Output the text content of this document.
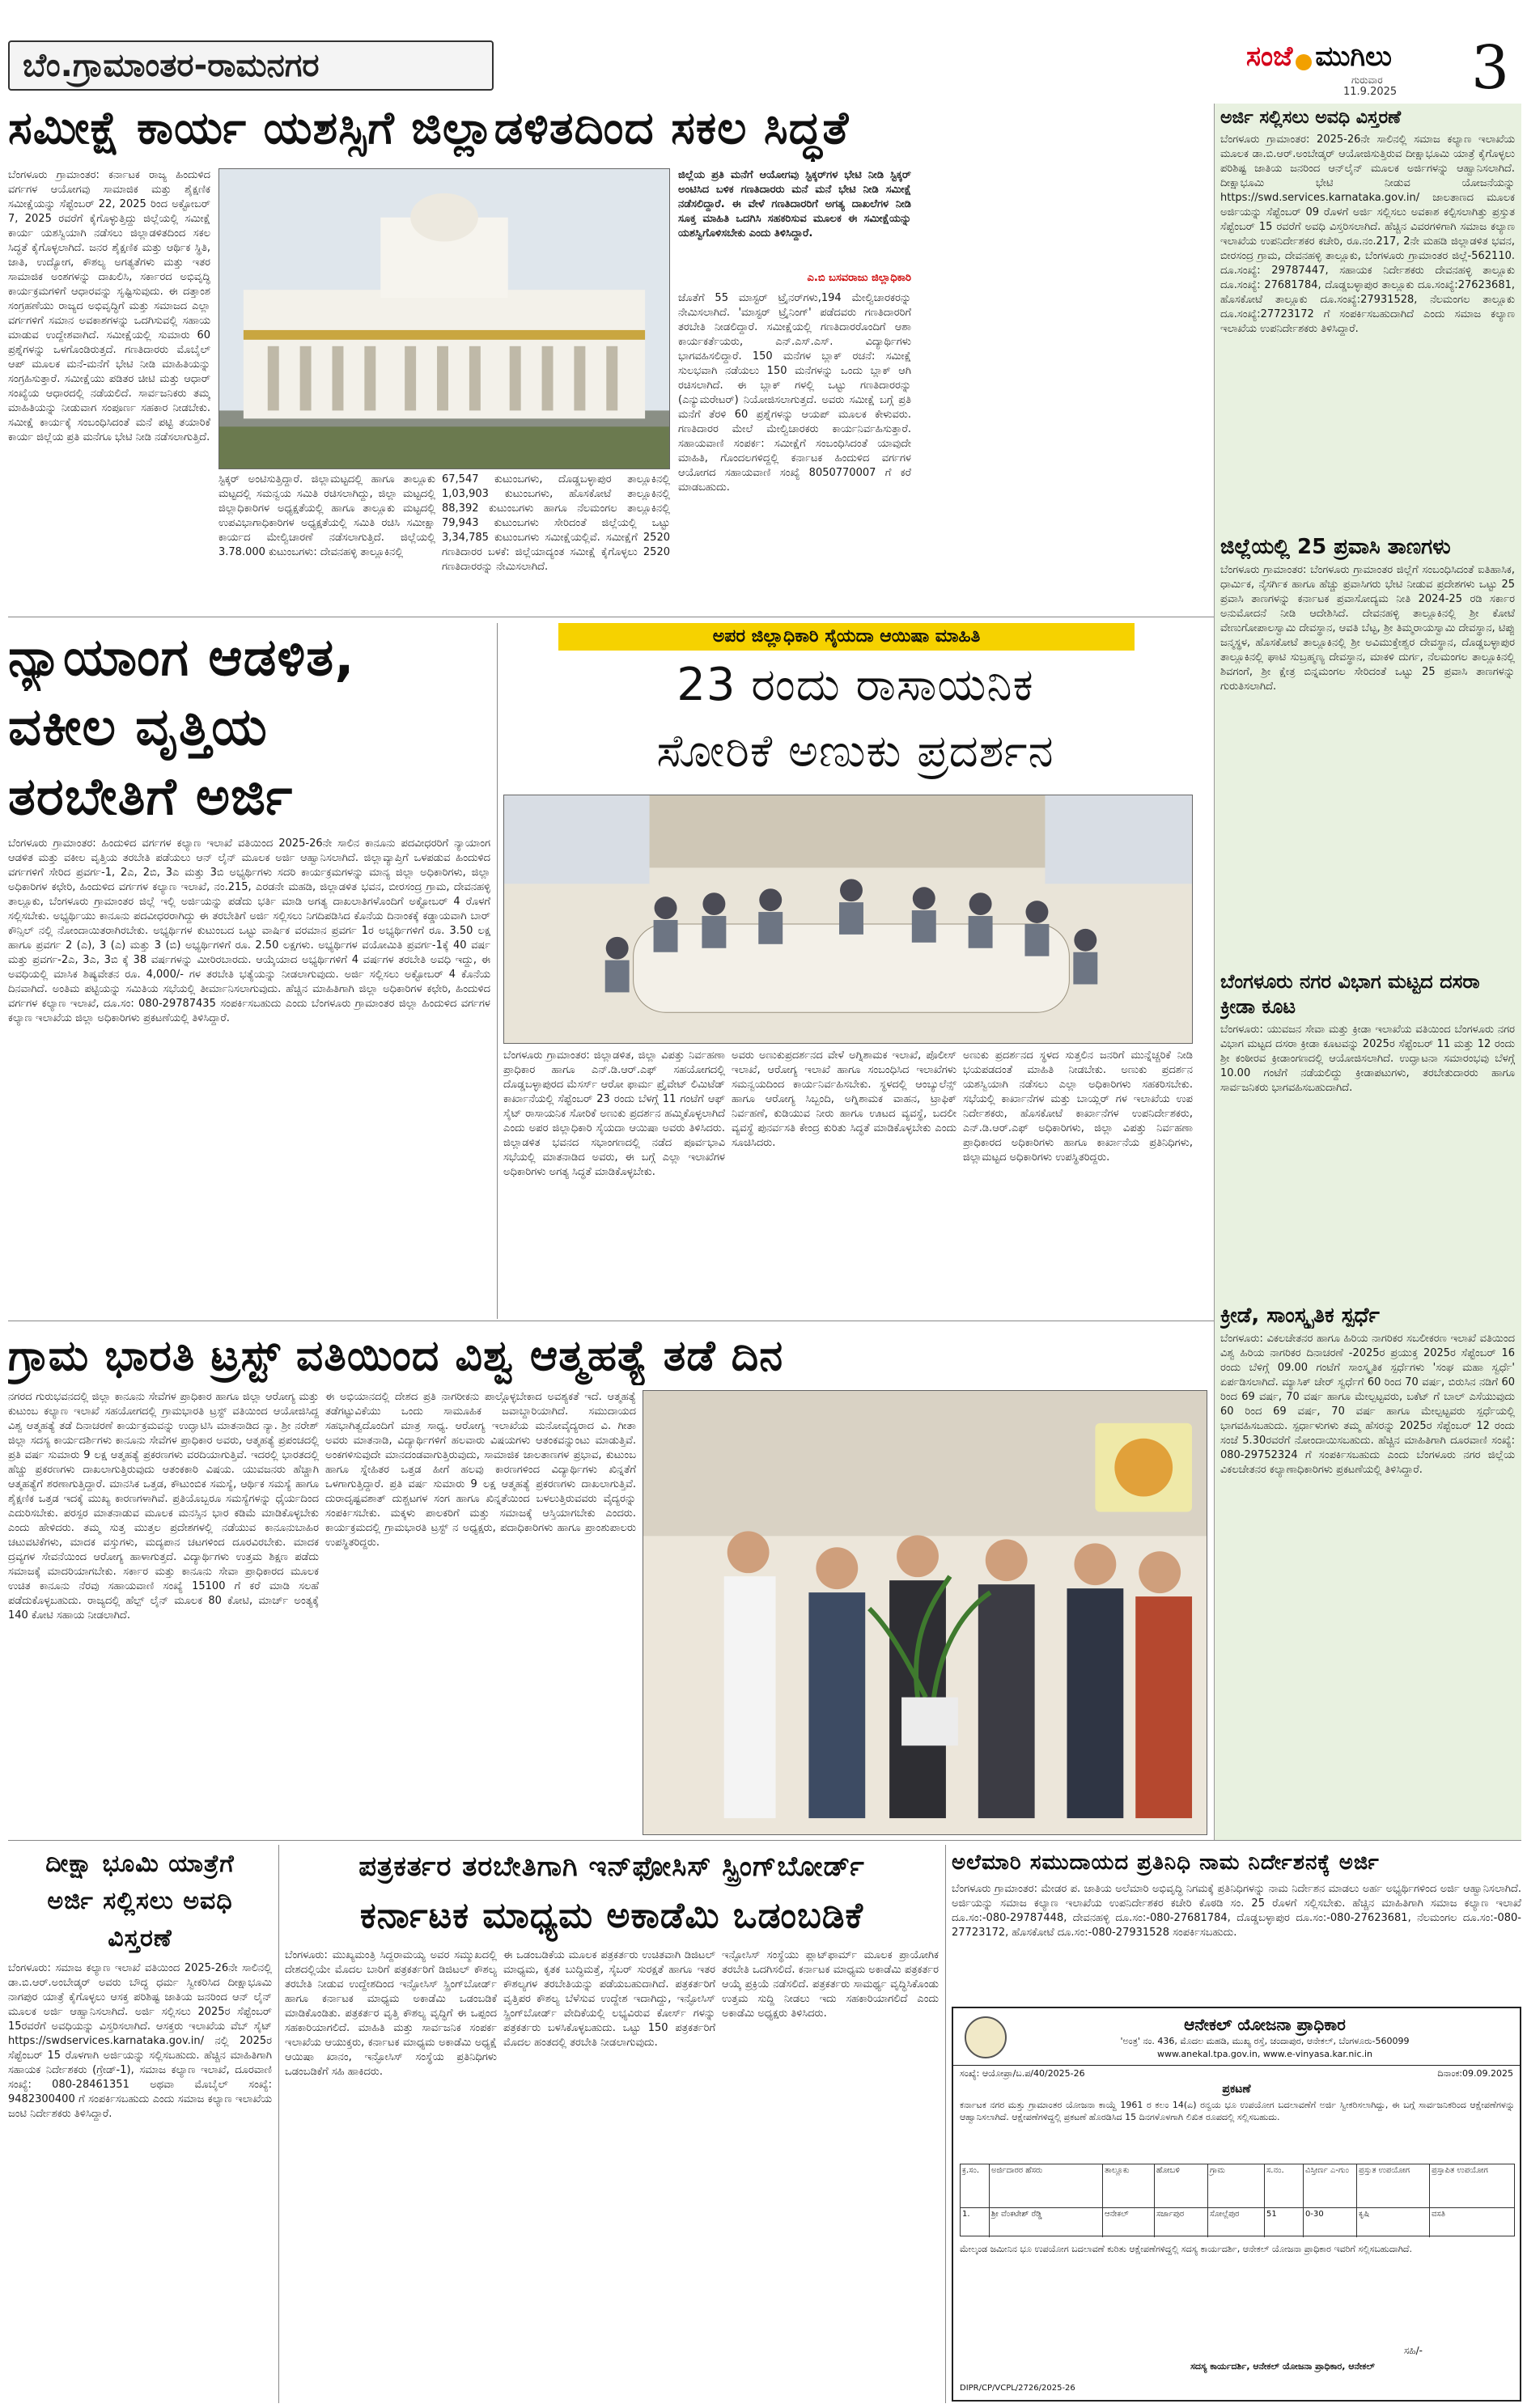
ಬೆಂ.ಗ್ರಾಮಾಂತರ-ರಾಮನಗರ	ಸಂಜೆ ಮುಗಿಲು
ಗುರುವಾರ
11.9.2025 3
ಸಮೀಕ್ಷೆ ಕಾರ್ಯ ಯಶಸ್ಸಿಗೆ ಜಿಲ್ಲಾಡಳಿತದಿಂದ ಸಕಲ ಸಿದ್ಧತೆ
ಬೆಂಗಳೂರು ಗ್ರಾಮಾಂತರ: ಕರ್ನಾಟಕ ರಾಜ್ಯ ಹಿಂದುಳಿದ ವರ್ಗಗಳ ಆಯೋಗವು ಸಾಮಾಜಿಕ ಮತ್ತು ಶೈಕ್ಷಣಿಕ ಸಮೀಕ್ಷೆಯನ್ನು ಸೆಪ್ಟೆಂಬರ್ 22, 2025 ರಿಂದ ಅಕ್ಟೋಬರ್ 7, 2025 ರವರೆಗೆ ಕೈಗೊಳ್ಳುತ್ತಿದ್ದು ಜಿಲ್ಲೆಯಲ್ಲಿ ಸಮೀಕ್ಷೆ ಕಾರ್ಯ ಯಶಸ್ವಿಯಾಗಿ ನಡೆಸಲು ಜಿಲ್ಲಾಡಳಿತದಿಂದ ಸಕಲ ಸಿದ್ಧತೆ ಕೈಗೊಳ್ಳಲಾಗಿದೆ. ಜನರ ಶೈಕ್ಷಣಿಕ ಮತ್ತು ಆರ್ಥಿಕ ಸ್ಥಿತಿ, ಜಾತಿ, ಉದ್ಯೋಗ, ಕೌಶಲ್ಯ ಅಗತ್ಯತೆಗಳು ಮತ್ತು ಇತರ ಸಾಮಾಜಿಕ ಅಂಶಗಳನ್ನು ದಾಖಲಿಸಿ, ಸರ್ಕಾರದ ಅಭಿವೃದ್ಧಿ ಕಾರ್ಯಕ್ರಮಗಳಿಗೆ ಆಧಾರವನ್ನು ಸೃಷ್ಟಿಸುವುದು. ಈ ದತ್ತಾಂಶ ಸಂಗ್ರಹಣೆಯು ರಾಜ್ಯದ ಅಭಿವೃದ್ಧಿಗೆ ಮತ್ತು ಸಮಾಜದ ಎಲ್ಲಾ ವರ್ಗಗಳಿಗೆ ಸಮಾನ ಅವಕಾಶಗಳನ್ನು ಒದಗಿಸುವಲ್ಲಿ ಸಹಾಯ ಮಾಡುವ ಉದ್ದೇಶವಾಗಿದೆ. ಸಮೀಕ್ಷೆಯಲ್ಲಿ ಸುಮಾರು 60 ಪ್ರಶ್ನೆಗಳನ್ನು ಒಳಗೊಂಡಿರುತ್ತದೆ. ಗಣತಿದಾರರು ಮೊಬೈಲ್ ಆಪ್ ಮೂಲಕ ಮನೆ-ಮನೆಗೆ ಭೇಟಿ ನೀಡಿ ಮಾಹಿತಿಯನ್ನು ಸಂಗ್ರಹಿಸುತ್ತಾರೆ. ಸಮೀಕ್ಷೆಯು ಪಡಿತರ ಚೀಟಿ ಮತ್ತು ಆಧಾರ್ ಸಂಖ್ಯೆಯ ಆಧಾರದಲ್ಲಿ ನಡೆಯಲಿದೆ. ಸಾರ್ವಜನಿಕರು ತಮ್ಮ ಮಾಹಿತಿಯನ್ನು ನೀಡುವಾಗ ಸಂಪೂರ್ಣ ಸಹಕಾರ ನೀಡಬೇಕು. ಸಮೀಕ್ಷೆ ಕಾರ್ಯಕ್ಕೆ ಸಂಬಂಧಿಸಿದಂತೆ ಮನೆ ಪಟ್ಟಿ ತಯಾರಿಕೆ ಕಾರ್ಯ ಜಿಲ್ಲೆಯ ಪ್ರತಿ ಮನೆಗೂ ಭೇಟಿ ನೀಡಿ ನಡೆಸಲಾಗುತ್ತಿದೆ.
ಸ್ಟಿಕ್ಕರ್ ಅಂಟಿಸುತ್ತಿದ್ದಾರೆ. ಜಿಲ್ಲಾಮಟ್ಟದಲ್ಲಿ ಹಾಗೂ ತಾಲ್ಲೂಕು ಮಟ್ಟದಲ್ಲಿ ಸಮನ್ವಯ ಸಮಿತಿ ರಚಿಸಲಾಗಿದ್ದು, ಜಿಲ್ಲಾ ಮಟ್ಟದಲ್ಲಿ ಜಿಲ್ಲಾಧಿಕಾರಿಗಳ ಅಧ್ಯಕ್ಷತೆಯಲ್ಲಿ ಹಾಗೂ ತಾಲ್ಲೂಕು ಮಟ್ಟದಲ್ಲಿ ಉಪವಿಭಾಗಾಧಿಕಾರಿಗಳ ಅಧ್ಯಕ್ಷತೆಯಲ್ಲಿ ಸಮಿತಿ ರಚಿಸಿ ಸಮೀಕ್ಷಾ ಕಾರ್ಯದ ಮೇಲ್ವಿಚಾರಣೆ ನಡೆಸಲಾಗುತ್ತಿದೆ. ಜಿಲ್ಲೆಯಲ್ಲಿ 3.78.000 ಕುಟುಂಬಗಳು: ದೇವನಹಳ್ಳಿ ತಾಲ್ಲೂಕಿನಲ್ಲಿ
67,547 ಕುಟುಂಬಗಳು, ದೊಡ್ಡಬಳ್ಳಾಪುರ ತಾಲ್ಲೂಕಿನಲ್ಲಿ 1,03,903 ಕುಟುಂಬಗಳು, ಹೊಸಕೋಟೆ ತಾಲ್ಲೂಕಿನಲ್ಲಿ 88,392 ಕುಟುಂಬಗಳು ಹಾಗೂ ನೆಲಮಂಗಲ ತಾಲ್ಲೂಕಿನಲ್ಲಿ 79,943 ಕುಟುಂಬಗಳು ಸೇರಿದಂತೆ ಜಿಲ್ಲೆಯಲ್ಲಿ ಒಟ್ಟು 3,34,785 ಕುಟುಂಬಗಳು ಸಮೀಕ್ಷೆಯಲ್ಲಿವೆ. ಸಮೀಕ್ಷೆಗೆ 2520 ಗಣತಿದಾರರ ಬಳಕೆ: ಜಿಲ್ಲೆಯಾದ್ಯಂತ ಸಮೀಕ್ಷೆ ಕೈಗೊಳ್ಳಲು 2520 ಗಣತಿದಾರರನ್ನು ನೇಮಿಸಲಾಗಿದೆ.
ಜಿಲ್ಲೆಯ ಪ್ರತಿ ಮನೆಗೆ ಆಯೋಗವು ಸ್ಟಿಕ್ಕರ್‌ಗಳ ಭೇಟಿ ನೀಡಿ ಸ್ಟಿಕ್ಕರ್ ಅಂಟಿಸಿದ ಬಳಿಕ ಗಣತಿದಾರರು ಮನೆ ಮನೆ ಭೇಟಿ ನೀಡಿ ಸಮೀಕ್ಷೆ ನಡೆಸಲಿದ್ದಾರೆ. ಈ ವೇಳೆ ಗಣತಿದಾರರಿಗೆ ಅಗತ್ಯ ದಾಖಲೆಗಳ ನೀಡಿ ಸೂಕ್ತ ಮಾಹಿತಿ ಒದಗಿಸಿ ಸಹಕರಿಸುವ ಮೂಲಕ ಈ ಸಮೀಕ್ಷೆಯನ್ನು ಯಶಸ್ವಿಗೊಳಿಸಬೇಕು ಎಂದು ತಿಳಿಸಿದ್ದಾರೆ.
ಎ.ಬಿ ಬಸವರಾಜು ಜಿಲ್ಲಾಧಿಕಾರಿ
ಜೊತೆಗೆ 55 ಮಾಸ್ಟರ್ ಟ್ರೈನರ್‌ಗಳು,194 ಮೇಲ್ವಿಚಾರಕರನ್ನು ನೇಮಿಸಲಾಗಿದೆ. 'ಮಾಸ್ಟರ್ ಟ್ರೈನಿಂಗ್' ಪಡೆದವರು ಗಣತಿದಾರರಿಗೆ ತರಬೇತಿ ನೀಡಲಿದ್ದಾರೆ. ಸಮೀಕ್ಷೆಯಲ್ಲಿ ಗಣತಿದಾರರೊಂದಿಗೆ ಆಶಾ ಕಾರ್ಯಕರ್ತೆಯರು, ಎನ್.ಎಸ್.ಎಸ್. ವಿದ್ಯಾರ್ಥಿಗಳು ಭಾಗವಹಿಸಲಿದ್ದಾರೆ. 150 ಮನೆಗಳ ಬ್ಲಾಕ್ ರಚನೆ: ಸಮೀಕ್ಷೆ ಸುಲಭವಾಗಿ ನಡೆಯಲು 150 ಮನೆಗಳನ್ನು ಒಂದು ಬ್ಲಾಕ್ ಆಗಿ ರಚಿಸಲಾಗಿದೆ. ಈ ಬ್ಲಾಕ್ ಗಳಲ್ಲಿ ಒಟ್ಟು ಗಣತಿದಾರರನ್ನು (ಎನ್ಯುಮರೇಟರ್) ನಿಯೋಜಿಸಲಾಗುತ್ತದೆ. ಅವರು ಸಮೀಕ್ಷೆ ಬಗ್ಗೆ ಪ್ರತಿ ಮನೆಗೆ ತೆರಳಿ 60 ಪ್ರಶ್ನೆಗಳನ್ನು ಆಯಪ್ ಮೂಲಕ ಕೇಳುವರು. ಗಣತಿದಾರರ ಮೇಲೆ ಮೇಲ್ವಿಚಾರಕರು ಕಾರ್ಯನಿರ್ವಹಿಸುತ್ತಾರೆ. ಸಹಾಯವಾಣಿ ಸಂಪರ್ಕ: ಸಮೀಕ್ಷೆಗೆ ಸಂಬಂಧಿಸಿದಂತೆ ಯಾವುದೇ ಮಾಹಿತಿ, ಗೊಂದಲಗಳಿದ್ದಲ್ಲಿ ಕರ್ನಾಟಕ ಹಿಂದುಳಿದ ವರ್ಗಗಳ ಆಯೋಗದ ಸಹಾಯವಾಣಿ ಸಂಖ್ಯೆ 8050770007 ಗೆ ಕರೆ ಮಾಡಬಹುದು.
ಅರ್ಜಿ ಸಲ್ಲಿಸಲು ಅವಧಿ ವಿಸ್ತರಣೆ
ಬೆಂಗಳೂರು ಗ್ರಾಮಾಂತರ: 2025-26ನೇ ಸಾಲಿನಲ್ಲಿ ಸಮಾಜ ಕಲ್ಯಾಣ ಇಲಾಖೆಯ ಮೂಲಕ ಡಾ.ಬಿ.ಆರ್.ಅಂಬೇಡ್ಕರ್ ಆಯೋಜಿಸುತ್ತಿರುವ ದೀಕ್ಷಾಭೂಮಿ ಯಾತ್ರೆ ಕೈಗೊಳ್ಳಲು ಪರಿಶಿಷ್ಟ ಜಾತಿಯ ಜನರಿಂದ ಆನ್‌ಲೈನ್ ಮೂಲಕ ಅರ್ಜಿಗಳನ್ನು ಆಹ್ವಾನಿಸಲಾಗಿದೆ. ದೀಕ್ಷಾಭೂಮಿ ಭೇಟಿ ನೀಡುವ ಯೋಜನೆಯನ್ನು https://swd.services.karnataka.gov.in/ ಜಾಲತಾಣದ ಮೂಲಕ ಅರ್ಜಿಯನ್ನು ಸೆಪ್ಟೆಂಬರ್ 09 ರೊಳಗೆ ಅರ್ಜಿ ಸಲ್ಲಿಸಲು ಅವಕಾಶ ಕಲ್ಪಿಸಲಾಗಿತ್ತು ಪ್ರಸ್ತುತ ಸೆಪ್ಟೆಂಬರ್ 15 ರವರೆಗೆ ಅವಧಿ ವಿಸ್ತರಿಸಲಾಗಿದೆ. ಹೆಚ್ಚಿನ ವಿವರಗಳಿಗಾಗಿ ಸಮಾಜ ಕಲ್ಯಾಣ ಇಲಾಖೆಯ ಉಪನಿರ್ದೇಶಕರ ಕಚೇರಿ, ರೂ.ನಂ.217, 2ನೇ ಮಹಡಿ ಜಿಲ್ಲಾಡಳಿತ ಭವನ, ಬೀರಸಂದ್ರ ಗ್ರಾಮ, ದೇವನಹಳ್ಳಿ ತಾಲ್ಲೂಕು, ಬೆಂಗಳೂರು ಗ್ರಾಮಾಂತರ ಜಿಲ್ಲೆ-562110. ದೂ.ಸಂಖ್ಯೆ: 29787447, ಸಹಾಯಕ ನಿರ್ದೇಶಕರು ದೇವನಹಳ್ಳಿ ತಾಲ್ಲೂಕು ದೂ.ಸಂಖ್ಯೆ: 27681784, ದೊಡ್ಡಬಳ್ಳಾಪುರ ತಾಲ್ಲೂಕು ದೂ.ಸಂಖ್ಯೆ:27623681, ಹೊಸಕೋಟೆ ತಾಲ್ಲೂಕು ದೂ.ಸಂಖ್ಯೆ:27931528, ನೆಲಮಂಗಲ ತಾಲ್ಲೂಕು ದೂ.ಸಂಖ್ಯೆ:27723172 ಗೆ ಸಂಪರ್ಕಿಸಬಹುದಾಗಿದೆ ಎಂದು ಸಮಾಜ ಕಲ್ಯಾಣ ಇಲಾಖೆಯ ಉಪನಿರ್ದೇಶಕರು ತಿಳಿಸಿದ್ದಾರೆ.
ಜಿಲ್ಲೆಯಲ್ಲಿ 25 ಪ್ರವಾಸಿ ತಾಣಗಳು
ಬೆಂಗಳೂರು ಗ್ರಾಮಾಂತರ: ಬೆಂಗಳೂರು ಗ್ರಾಮಾಂತರ ಜಿಲ್ಲೆಗೆ ಸಂಬಂಧಿಸಿದಂತೆ ಐತಿಹಾಸಿಕ, ಧಾರ್ಮಿಕ, ನೈಸರ್ಗಿಕ ಹಾಗೂ ಹೆಚ್ಚು ಪ್ರವಾಸಿಗರು ಭೇಟಿ ನೀಡುವ ಪ್ರದೇಶಗಳು ಒಟ್ಟು 25 ಪ್ರವಾಸಿ ತಾಣಗಳನ್ನು ಕರ್ನಾಟಕ ಪ್ರವಾಸೋದ್ಯಮ ನೀತಿ 2024-25 ರಡಿ ಸರ್ಕಾರ ಅನುಮೋದನೆ ನೀಡಿ ಆದೇಶಿಸಿದೆ. ದೇವನಹಳ್ಳಿ ತಾಲ್ಲೂಕಿನಲ್ಲಿ ಶ್ರೀ ಕೋಟೆ ವೇಣುಗೋಪಾಲಸ್ವಾಮಿ ದೇವಸ್ಥಾನ, ಆವತಿ ಬೆಟ್ಟ, ಶ್ರೀ ತಿಮ್ಮರಾಯಸ್ವಾಮಿ ದೇವಸ್ಥಾನ, ಟಿಪ್ಪು ಜನ್ಮಸ್ಥಳ, ಹೊಸಕೋಟೆ ತಾಲ್ಲೂಕಿನಲ್ಲಿ ಶ್ರೀ ಅವಿಮುಕ್ತೇಶ್ವರ ದೇವಸ್ಥಾನ, ದೊಡ್ಡಬಳ್ಳಾಪುರ ತಾಲ್ಲೂಕಿನಲ್ಲಿ ಘಾಟಿ ಸುಬ್ರಹ್ಮಣ್ಯ ದೇವಸ್ಥಾನ, ಮಾಕಳಿ ದುರ್ಗ, ನೆಲಮಂಗಲ ತಾಲ್ಲೂಕಿನಲ್ಲಿ ಶಿವಗಂಗೆ, ಶ್ರೀ ಕ್ಷೇತ್ರ ಬಿನ್ನಮಂಗಲ ಸೇರಿದಂತೆ ಒಟ್ಟು 25 ಪ್ರವಾಸಿ ತಾಣಗಳನ್ನು ಗುರುತಿಸಲಾಗಿದೆ.
ಬೆಂಗಳೂರು ನಗರ ವಿಭಾಗ ಮಟ್ಟದ ದಸರಾ ಕ್ರೀಡಾ ಕೂಟ
ಬೆಂಗಳೂರು: ಯುವಜನ ಸೇವಾ ಮತ್ತು ಕ್ರೀಡಾ ಇಲಾಖೆಯ ವತಿಯಿಂದ ಬೆಂಗಳೂರು ನಗರ ವಿಭಾಗ ಮಟ್ಟದ ದಸರಾ ಕ್ರೀಡಾ ಕೂಟವನ್ನು 2025ರ ಸೆಪ್ಟೆಂಬರ್ 11 ಮತ್ತು 12 ರಂದು ಶ್ರೀ ಕಂಠೀರವ ಕ್ರೀಡಾಂಗಣದಲ್ಲಿ ಆಯೋಜಿಸಲಾಗಿದೆ. ಉದ್ಘಾಟನಾ ಸಮಾರಂಭವು ಬೆಳಗ್ಗೆ 10.00 ಗಂಟೆಗೆ ನಡೆಯಲಿದ್ದು ಕ್ರೀಡಾಪಟುಗಳು, ತರಬೇತುದಾರರು ಹಾಗೂ ಸಾರ್ವಜನಿಕರು ಭಾಗವಹಿಸಬಹುದಾಗಿದೆ.
ಕ್ರೀಡೆ, ಸಾಂಸ್ಕೃತಿಕ ಸ್ಪರ್ಧೆ
ಬೆಂಗಳೂರು: ವಿಕಲಚೇತನರ ಹಾಗೂ ಹಿರಿಯ ನಾಗರಿಕರ ಸಬಲೀಕರಣ ಇಲಾಖೆ ವತಿಯಿಂದ ವಿಶ್ವ ಹಿರಿಯ ನಾಗರಿಕರ ದಿನಾಚರಣೆ -2025ರ ಪ್ರಯುಕ್ತ 2025ರ ಸೆಪ್ಟೆಂಬರ್ 16 ರಂದು ಬೆಳಿಗ್ಗೆ 09.00 ಗಂಟೆಗೆ ಸಾಂಸ್ಕೃತಿಕ ಸ್ಪರ್ಧೆಗಳು 'ಸಂಘ ಮಹಾ ಸ್ವರ್ಧೆ' ಏರ್ಪಡಿಸಲಾಗಿದೆ. ಮ್ಯಾಸಿಕ್ ಚೇರ್ ಸ್ವರ್ಧೆಗೆ 60 ರಿಂದ 70 ವರ್ಷ, ಬಿರುಸಿನ ನಡಿಗೆ 60 ರಿಂದ 69 ವರ್ಷ, 70 ವರ್ಷ ಹಾಗೂ ಮೇಲ್ಪಟ್ಟವರು, ಬಕೆಟ್ ಗೆ ಬಾಲ್ ಎಸೆಯುವುದು 60 ರಿಂದ 69 ವರ್ಷ, 70 ವರ್ಷ ಹಾಗೂ ಮೇಲ್ಪಟ್ಟವರು ಸ್ಪರ್ಧೆಯಲ್ಲಿ ಭಾಗವಹಿಸಬಹುದು. ಸ್ಪರ್ಧಾಳುಗಳು ತಮ್ಮ ಹೆಸರನ್ನು 2025ರ ಸೆಪ್ಟೆಂಬರ್ 12 ರಂದು ಸಂಜೆ 5.30ರವರೆಗೆ ನೋಂದಾಯಿಸಬಹುದು. ಹೆಚ್ಚಿನ ಮಾಹಿತಿಗಾಗಿ ದೂರವಾಣಿ ಸಂಖ್ಯೆ: 080-29752324 ಗೆ ಸಂಪರ್ಕಿಸಬಹುದು ಎಂದು ಬೆಂಗಳೂರು ನಗರ ಜಿಲ್ಲೆಯ ವಿಕಲಚೇತನರ ಕಲ್ಯಾಣಾಧಿಕಾರಿಗಳು ಪ್ರಕಟಣೆಯಲ್ಲಿ ತಿಳಿಸಿದ್ದಾರೆ.
ನ್ಯಾಯಾಂಗ ಆಡಳಿತ,
ವಕೀಲ ವೃತ್ತಿಯ
ತರಬೇತಿಗೆ ಅರ್ಜಿ
ಬೆಂಗಳೂರು ಗ್ರಾಮಾಂತರ: ಹಿಂದುಳಿದ ವರ್ಗಗಳ ಕಲ್ಯಾಣ ಇಲಾಖೆ ವತಿಯಿಂದ 2025-26ನೇ ಸಾಲಿನ ಕಾನೂನು ಪದವೀಧರರಿಗೆ ನ್ಯಾಯಾಂಗ ಆಡಳಿತ ಮತ್ತು ವಕೀಲ ವೃತ್ತಿಯ ತರಬೇತಿ ಪಡೆಯಲು ಆನ್ ಲೈನ್ ಮೂಲಕ ಅರ್ಜಿ ಆಹ್ವಾನಿಸಲಾಗಿದೆ. ಜಿಲ್ಲಾವ್ಯಾಪ್ತಿಗೆ ಒಳಪಡುವ ಹಿಂದುಳಿದ ವರ್ಗಗಳಿಗೆ ಸೇರಿದ ಪ್ರವರ್ಗ-1, 2ಎ, 2ಬಿ, 3ಎ ಮತ್ತು 3ಬಿ ಅಭ್ಯರ್ಥಿಗಳು ಸದರಿ ಕಾರ್ಯಕ್ರಮಗಳನ್ನು ಮಾನ್ಯ ಜಿಲ್ಲಾ ಅಧಿಕಾರಿಗಳು, ಜಿಲ್ಲಾ ಅಧಿಕಾರಿಗಳ ಕಛೇರಿ, ಹಿಂದುಳಿದ ವರ್ಗಗಳ ಕಲ್ಯಾಣ ಇಲಾಖೆ, ನಂ.215, ಎರಡನೇ ಮಹಡಿ, ಜಿಲ್ಲಾಡಳಿತ ಭವನ, ಬೀರಸಂದ್ರ ಗ್ರಾಮ, ದೇವನಹಳ್ಳಿ ತಾಲ್ಲೂಕು, ಬೆಂಗಳೂರು ಗ್ರಾಮಾಂತರ ಜಿಲ್ಲೆ ಇಲ್ಲಿ ಅರ್ಜಿಯನ್ನು ಪಡೆದು ಭರ್ತಿ ಮಾಡಿ ಅಗತ್ಯ ದಾಖಲಾತಿಗಳೊಂದಿಗೆ ಅಕ್ಟೋಬರ್ 4 ರೊಳಗೆ ಸಲ್ಲಿಸಬೇಕು. ಅಭ್ಯರ್ಥಿಯು ಕಾನೂನು ಪದವೀಧರರಾಗಿದ್ದು ಈ ತರಬೇತಿಗೆ ಅರ್ಜಿ ಸಲ್ಲಿಸಲು ನಿಗದಿಪಡಿಸಿದ ಕೊನೆಯ ದಿನಾಂಕಕ್ಕೆ ಕಡ್ಡಾಯವಾಗಿ ಬಾರ್ ಕೌನ್ಸಿಲ್ ನಲ್ಲಿ ನೋಂದಾಯಿತರಾಗಿರಬೇಕು. ಅಭ್ಯರ್ಥಿಗಳ ಕುಟುಂಬದ ಒಟ್ಟು ವಾರ್ಷಿಕ ವರಮಾನ ಪ್ರವರ್ಗ 1ರ ಅಭ್ಯರ್ಥಿಗಳಿಗೆ ರೂ. 3.50 ಲಕ್ಷ ಹಾಗೂ ಪ್ರವರ್ಗ 2 (ಎ), 3 (ಎ) ಮತ್ತು 3 (ಬಿ) ಅಭ್ಯರ್ಥಿಗಳಿಗೆ ರೂ. 2.50 ಲಕ್ಷಗಳು. ಅಭ್ಯರ್ಥಿಗಳ ವಯೋಮಿತಿ ಪ್ರವರ್ಗ-1ಕ್ಕೆ 40 ವರ್ಷ ಮತ್ತು ಪ್ರವರ್ಗ-2ಎ, 3ಎ, 3ಬಿ ಕ್ಕೆ 38 ವರ್ಷಗಳನ್ನು ಮೀರಿರಬಾರದು. ಆಯ್ಕೆಯಾದ ಅಭ್ಯರ್ಥಿಗಳಿಗೆ 4 ವರ್ಷಗಳ ತರಬೇತಿ ಅವಧಿ ಇದ್ದು, ಈ ಅವಧಿಯಲ್ಲಿ ಮಾಸಿಕ ಶಿಷ್ಯವೇತನ ರೂ. 4,000/- ಗಳ ತರಬೇತಿ ಭತ್ಯೆಯನ್ನು ನೀಡಲಾಗುವುದು. ಅರ್ಜಿ ಸಲ್ಲಿಸಲು ಅಕ್ಟೋಬರ್ 4 ಕೊನೆಯ ದಿನವಾಗಿದೆ. ಅಂತಿಮ ಪಟ್ಟಿಯನ್ನು ಸಮಿತಿಯ ಸಭೆಯಲ್ಲಿ ತೀರ್ಮಾನಿಸಲಾಗುವುದು. ಹೆಚ್ಚಿನ ಮಾಹಿತಿಗಾಗಿ ಜಿಲ್ಲಾ ಅಧಿಕಾರಿಗಳ ಕಛೇರಿ, ಹಿಂದುಳಿದ ವರ್ಗಗಳ ಕಲ್ಯಾಣ ಇಲಾಖೆ, ದೂ.ಸಂ: 080-29787435 ಸಂಪರ್ಕಿಸಬಹುದು ಎಂದು ಬೆಂಗಳೂರು ಗ್ರಾಮಾಂತರ ಜಿಲ್ಲಾ ಹಿಂದುಳಿದ ವರ್ಗಗಳ ಕಲ್ಯಾಣ ಇಲಾಖೆಯ ಜಿಲ್ಲಾ ಅಧಿಕಾರಿಗಳು ಪ್ರಕಟಣೆಯಲ್ಲಿ ತಿಳಿಸಿದ್ದಾರೆ.
ಅಪರ ಜಿಲ್ಲಾಧಿಕಾರಿ ಸೈಯದಾ ಆಯಿಷಾ ಮಾಹಿತಿ
23 ರಂದು ರಾಸಾಯನಿಕ
ಸೋರಿಕೆ ಅಣುಕು ಪ್ರದರ್ಶನ
ಬೆಂಗಳೂರು ಗ್ರಾಮಾಂತರ: ಜಿಲ್ಲಾಡಳಿತ, ಜಿಲ್ಲಾ ವಿಪತ್ತು ನಿರ್ವಹಣಾ ಪ್ರಾಧಿಕಾರ ಹಾಗೂ ಎನ್.ಡಿ.ಆರ್.ಎಫ್ ಸಹಯೋಗದಲ್ಲಿ ದೊಡ್ಡಬಳ್ಳಾಪುರದ ಮೆಸರ್ಸ್ ಆರೋ ಫಾರ್ಮ ಪ್ರೈವೇಟ್ ಲಿಮಿಟೆಡ್ ಕಾರ್ಖಾನೆಯಲ್ಲಿ ಸೆಪ್ಟೆಂಬರ್ 23 ರಂದು ಬೆಳಗ್ಗೆ 11 ಗಂಟೆಗೆ ಆಫ್ ಸೈಟ್ ರಾಸಾಯನಿಕ ಸೋರಿಕೆ ಅಣುಕು ಪ್ರದರ್ಶನ ಹಮ್ಮಿಕೊಳ್ಳಲಾಗಿದೆ ಎಂದು ಅಪರ ಜಿಲ್ಲಾಧಿಕಾರಿ ಸೈಯದಾ ಆಯಿಷಾ ಅವರು ತಿಳಿಸಿದರು. ಜಿಲ್ಲಾಡಳಿತ ಭವನದ ಸಭಾಂಗಣದಲ್ಲಿ ನಡೆದ ಪೂರ್ವಭಾವಿ ಸಭೆಯಲ್ಲಿ ಮಾತನಾಡಿದ ಅವರು, ಈ ಬಗ್ಗೆ ಎಲ್ಲಾ ಇಲಾಖೆಗಳ ಅಧಿಕಾರಿಗಳು ಅಗತ್ಯ ಸಿದ್ಧತೆ ಮಾಡಿಕೊಳ್ಳಬೇಕು.
ಅವರು ಅಣುಕುಪ್ರದರ್ಶನದ ವೇಳೆ ಅಗ್ನಿಶಾಮಕ ಇಲಾಖೆ, ಪೊಲೀಸ್ ಇಲಾಖೆ, ಆರೋಗ್ಯ ಇಲಾಖೆ ಹಾಗೂ ಸಂಬಂಧಿಸಿದ ಇಲಾಖೆಗಳು ಸಮನ್ವಯದಿಂದ ಕಾರ್ಯನಿರ್ವಹಿಸಬೇಕು. ಸ್ಥಳದಲ್ಲಿ ಆಂಬ್ಯುಲೆನ್ಸ್ ಹಾಗೂ ಆರೋಗ್ಯ ಸಿಬ್ಬಂದಿ, ಅಗ್ನಿಶಾಮಕ ವಾಹನ, ಟ್ರಾಫಿಕ್ ನಿರ್ವಹಣೆ, ಕುಡಿಯುವ ನೀರು ಹಾಗೂ ಊಟದ ವ್ಯವಸ್ಥೆ, ಬದಲೀ ವ್ಯವಸ್ಥೆ ಪುನರ್ವಸತಿ ಕೇಂದ್ರ ಕುರಿತು ಸಿದ್ಧತೆ ಮಾಡಿಕೊಳ್ಳಬೇಕು ಎಂದು ಸೂಚಿಸಿದರು.
ಅಣುಕು ಪ್ರದರ್ಶನದ ಸ್ಥಳದ ಸುತ್ತಲಿನ ಜನರಿಗೆ ಮುನ್ನೆಚ್ಚರಿಕೆ ನೀಡಿ ಭಯಪಡದಂತೆ ಮಾಹಿತಿ ನೀಡಬೇಕು. ಅಣುಕು ಪ್ರದರ್ಶನ ಯಶಸ್ವಿಯಾಗಿ ನಡೆಸಲು ಎಲ್ಲಾ ಅಧಿಕಾರಿಗಳು ಸಹಕರಿಸಬೇಕು. ಸಭೆಯಲ್ಲಿ ಕಾರ್ಖಾನೆಗಳ ಮತ್ತು ಬಾಯ್ಲರ್ ಗಳ ಇಲಾಖೆಯ ಉಪ ನಿರ್ದೇಶಕರು, ಹೊಸಕೋಟೆ ಕಾರ್ಖಾನೆಗಳ ಉಪನಿರ್ದೇಶಕರು, ಎನ್.ಡಿ.ಆರ್.ಎಫ್ ಅಧಿಕಾರಿಗಳು, ಜಿಲ್ಲಾ ವಿಪತ್ತು ನಿರ್ವಹಣಾ ಪ್ರಾಧಿಕಾರದ ಅಧಿಕಾರಿಗಳು ಹಾಗೂ ಕಾರ್ಖಾನೆಯ ಪ್ರತಿನಿಧಿಗಳು, ಜಿಲ್ಲಾಮಟ್ಟದ ಅಧಿಕಾರಿಗಳು ಉಪಸ್ಥಿತರಿದ್ದರು.
ಗ್ರಾಮ ಭಾರತಿ ಟ್ರಸ್ಟ್ ವತಿಯಿಂದ ವಿಶ್ವ ಆತ್ಮಹತ್ಯೆ ತಡೆ ದಿನ
ನಗರದ ಗುರುಭವನದಲ್ಲಿ ಜಿಲ್ಲಾ ಕಾನೂನು ಸೇವೆಗಳ ಪ್ರಾಧಿಕಾರ ಹಾಗೂ ಜಿಲ್ಲಾ ಆರೋಗ್ಯ ಮತ್ತು ಕುಟುಂಬ ಕಲ್ಯಾಣ ಇಲಾಖೆ ಸಹಯೋಗದಲ್ಲಿ ಗ್ರಾಮಭಾರತಿ ಟ್ರಸ್ಟ್ ವತಿಯಿಂದ ಆಯೋಜಿಸಿದ್ದ ವಿಶ್ವ ಆತ್ಮಹತ್ಯೆ ತಡೆ ದಿನಾಚರಣೆ ಕಾರ್ಯಕ್ರಮವನ್ನು ಉದ್ಘಾಟಿಸಿ ಮಾತನಾಡಿದ ನ್ಯಾ. ಶ್ರೀ ನರೇಶ್ ಜಿಲ್ಲಾ ಸದಸ್ಯ ಕಾರ್ಯದರ್ಶಿಗಳು ಕಾನೂನು ಸೇವೆಗಳ ಪ್ರಾಧಿಕಾರ ಅವರು, ಆತ್ಮಹತ್ಯೆ ಪ್ರಪಂಚದಲ್ಲಿ ಪ್ರತಿ ವರ್ಷ ಸುಮಾರು 9 ಲಕ್ಷ ಆತ್ಮಹತ್ಯೆ ಪ್ರಕರಣಗಳು ವರದಿಯಾಗುತ್ತಿವೆ. ಇದರಲ್ಲಿ ಭಾರತದಲ್ಲಿ ಹೆಚ್ಚು ಪ್ರಕರಣಗಳು ದಾಖಲಾಗುತ್ತಿರುವುದು ಆತಂಕಕಾರಿ ವಿಷಯ. ಯುವಜನರು ಹೆಚ್ಚಾಗಿ ಆತ್ಮಹತ್ಯೆಗೆ ಶರಣಾಗುತ್ತಿದ್ದಾರೆ. ಮಾನಸಿಕ ಒತ್ತಡ, ಕೌಟುಂಬಿಕ ಸಮಸ್ಯೆ, ಆರ್ಥಿಕ ಸಮಸ್ಯೆ ಹಾಗೂ ಶೈಕ್ಷಣಿಕ ಒತ್ತಡ ಇದಕ್ಕೆ ಮುಖ್ಯ ಕಾರಣಗಳಾಗಿವೆ. ಪ್ರತಿಯೊಬ್ಬರೂ ಸಮಸ್ಯೆಗಳನ್ನು ಧೈರ್ಯದಿಂದ ಎದುರಿಸಬೇಕು. ಪರಸ್ಪರ ಮಾತನಾಡುವ ಮೂಲಕ ಮನಸ್ಸಿನ ಭಾರ ಕಡಿಮೆ ಮಾಡಿಕೊಳ್ಳಬೇಕು ಎಂದು ಹೇಳಿದರು. ತಮ್ಮ ಸುತ್ತ ಮುತ್ತಲ ಪ್ರದೇಶಗಳಲ್ಲಿ ನಡೆಯುವ ಕಾನೂನುಬಾಹಿರ ಚಟುವಟಿಕೆಗಳು, ಮಾದಕ ವಸ್ತುಗಳು, ಮದ್ಯಪಾನ ಚಟಗಳಿಂದ ದೂರವಿರಬೇಕು. ಮಾದಕ ದ್ರವ್ಯಗಳ ಸೇವನೆಯಿಂದ ಆರೋಗ್ಯ ಹಾಳಾಗುತ್ತದೆ. ವಿದ್ಯಾರ್ಥಿಗಳು ಉತ್ತಮ ಶಿಕ್ಷಣ ಪಡೆದು ಸಮಾಜಕ್ಕೆ ಮಾದರಿಯಾಗಬೇಕು. ಸರ್ಕಾರ ಮತ್ತು ಕಾನೂನು ಸೇವಾ ಪ್ರಾಧಿಕಾರದ ಮೂಲಕ ಉಚಿತ ಕಾನೂನು ನೆರವು ಸಹಾಯವಾಣಿ ಸಂಖ್ಯೆ 15100 ಗೆ ಕರೆ ಮಾಡಿ ಸಲಹೆ ಪಡೆದುಕೊಳ್ಳಬಹುದು. ರಾಜ್ಯದಲ್ಲಿ ಹೆಲ್ಪ್ ಲೈನ್ ಮೂಲಕ 80 ಕೋಟಿ, ಮಾರ್ಚ್ ಅಂತ್ಯಕ್ಕೆ 140 ಕೋಟಿ ಸಹಾಯ ನೀಡಲಾಗಿದೆ.
ಈ ಅಭಿಯಾನದಲ್ಲಿ ದೇಶದ ಪ್ರತಿ ನಾಗರೀಕನು ಪಾಲ್ಗೊಳ್ಳಬೇಕಾದ ಅವಶ್ಯಕತೆ ಇದೆ. ಆತ್ಮಹತ್ಯೆ ತಡೆಗಟ್ಟುವಿಕೆಯು ಒಂದು ಸಾಮೂಹಿಕ ಜವಾಬ್ದಾರಿಯಾಗಿದೆ. ಸಮುದಾಯದ ಸಹಭಾಗಿತ್ವದೊಂದಿಗೆ ಮಾತ್ರ ಸಾಧ್ಯ. ಆರೋಗ್ಯ ಇಲಾಖೆಯ ಮನೋವೈದ್ಯರಾದ ವಿ. ಗೀತಾ ಅವರು ಮಾತನಾಡಿ, ವಿದ್ಯಾರ್ಥಿಗಳಿಗೆ ಹಲವಾರು ವಿಷಯಗಳು ಆತಂಕವನ್ನುಂಟು ಮಾಡುತ್ತಿವೆ. ಅಂಕಗಳಿಸುವುದೇ ಮಾನದಂಡವಾಗುತ್ತಿರುವುದು, ಸಾಮಾಜಿಕ ಜಾಲತಾಣಗಳ ಪ್ರಭಾವ, ಕುಟುಂಬ ಹಾಗೂ ಸ್ನೇಹಿತರ ಒತ್ತಡ ಹೀಗೆ ಹಲವು ಕಾರಣಗಳಿಂದ ವಿದ್ಯಾರ್ಥಿಗಳು ಖಿನ್ನತೆಗೆ ಒಳಗಾಗುತ್ತಿದ್ದಾರೆ. ಪ್ರತಿ ವರ್ಷ ಸುಮಾರು 9 ಲಕ್ಷ ಆತ್ಮಹತ್ಯೆ ಪ್ರಕರಣಗಳು ದಾಖಲಾಗುತ್ತಿವೆ. ದುರಾದೃಷ್ಟವಶಾತ್ ದುಶ್ಚಟಗಳ ಸಂಗ ಹಾಗೂ ಖಿನ್ನತೆಯಿಂದ ಬಳಲುತ್ತಿರುವವರು ವೈದ್ಯರನ್ನು ಸಂಪರ್ಕಿಸಬೇಕು. ಮಕ್ಕಳು ಪಾಲಕರಿಗೆ ಮತ್ತು ಸಮಾಜಕ್ಕೆ ಆಸ್ತಿಯಾಗಬೇಕು ಎಂದರು. ಕಾರ್ಯಕ್ರಮದಲ್ಲಿ ಗ್ರಾಮಭಾರತಿ ಟ್ರಸ್ಟ್ ನ ಅಧ್ಯಕ್ಷರು, ಪದಾಧಿಕಾರಿಗಳು ಹಾಗೂ ಪ್ರಾಂಶುಪಾಲರು ಉಪಸ್ಥಿತರಿದ್ದರು.
ದೀಕ್ಷಾ ಭೂಮಿ ಯಾತ್ರೆಗೆ
ಅರ್ಜಿ ಸಲ್ಲಿಸಲು ಅವಧಿ
ವಿಸ್ತರಣೆ
ಬೆಂಗಳೂರು: ಸಮಾಜ ಕಲ್ಯಾಣ ಇಲಾಖೆ ವತಿಯಿಂದ 2025-26ನೇ ಸಾಲಿನಲ್ಲಿ ಡಾ.ಬಿ.ಆರ್.ಅಂಬೇಡ್ಕರ್ ಅವರು ಬೌದ್ಧ ಧರ್ಮ ಸ್ವೀಕರಿಸಿದ ದೀಕ್ಷಾಭೂಮಿ ನಾಗಪುರ ಯಾತ್ರೆ ಕೈಗೊಳ್ಳಲು ಆಸಕ್ತ ಪರಿಶಿಷ್ಟ ಜಾತಿಯ ಜನರಿಂದ ಆನ್ ಲೈನ್ ಮೂಲಕ ಅರ್ಜಿ ಆಹ್ವಾನಿಸಲಾಗಿದೆ. ಅರ್ಜಿ ಸಲ್ಲಿಸಲು 2025ರ ಸೆಪ್ಟೆಂಬರ್ 15ರವರೆಗೆ ಅವಧಿಯನ್ನು ವಿಸ್ತರಿಸಲಾಗಿದೆ. ಆಸಕ್ತರು ಇಲಾಖೆಯ ವೆಬ್ ಸೈಟ್ https://swdservices.karnataka.gov.in/ ನಲ್ಲಿ 2025ರ ಸೆಪ್ಟೆಂಬರ್ 15 ರೊಳಗಾಗಿ ಅರ್ಜಿಯನ್ನು ಸಲ್ಲಿಸಬಹುದು. ಹೆಚ್ಚಿನ ಮಾಹಿತಿಗಾಗಿ ಸಹಾಯಕ ನಿರ್ದೇಶಕರು (ಗ್ರೇಡ್-1), ಸಮಾಜ ಕಲ್ಯಾಣ ಇಲಾಖೆ, ದೂರವಾಣಿ ಸಂಖ್ಯೆ: 080-28461351 ಅಥವಾ ಮೊಬೈಲ್ ಸಂಖ್ಯೆ: 9482300400 ಗೆ ಸಂಪರ್ಕಿಸಬಹುದು ಎಂದು ಸಮಾಜ ಕಲ್ಯಾಣ ಇಲಾಖೆಯ ಜಂಟಿ ನಿರ್ದೇಶಕರು ತಿಳಿಸಿದ್ದಾರೆ.
ಪತ್ರಕರ್ತರ ತರಬೇತಿಗಾಗಿ ಇನ್‌ಫೋಸಿಸ್ ಸ್ಪ್ರಿಂಗ್‌ಬೋರ್ಡ್
ಕರ್ನಾಟಕ ಮಾಧ್ಯಮ ಅಕಾಡೆಮಿ ಒಡಂಬಡಿಕೆ
ಬೆಂಗಳೂರು: ಮುಖ್ಯಮಂತ್ರಿ ಸಿದ್ದರಾಮಯ್ಯ ಅವರ ಸಮ್ಮುಖದಲ್ಲಿ ದೇಶದಲ್ಲಿಯೇ ಮೊದಲ ಬಾರಿಗೆ ಪತ್ರಕರ್ತರಿಗೆ ಡಿಜಿಟಲ್ ಕೌಶಲ್ಯ ತರಬೇತಿ ನೀಡುವ ಉದ್ದೇಶದಿಂದ ಇನ್ಫೋಸಿಸ್ ಸ್ಪ್ರಿಂಗ್‌ಬೋರ್ಡ್ ಹಾಗೂ ಕರ್ನಾಟಕ ಮಾಧ್ಯಮ ಅಕಾಡೆಮಿ ಒಡಂಬಡಿಕೆ ಮಾಡಿಕೊಂಡಿತು. ಪತ್ರಕರ್ತರ ವೃತ್ತಿ ಕೌಶಲ್ಯ ವೃದ್ಧಿಗೆ ಈ ಒಪ್ಪಂದ ಸಹಕಾರಿಯಾಗಲಿದೆ. ಮಾಹಿತಿ ಮತ್ತು ಸಾರ್ವಜನಿಕ ಸಂಪರ್ಕ ಇಲಾಖೆಯ ಆಯುಕ್ತರು, ಕರ್ನಾಟಕ ಮಾಧ್ಯಮ ಅಕಾಡೆಮಿ ಅಧ್ಯಕ್ಷೆ ಆಯಿಷಾ ಖಾನಂ, ಇನ್ಫೋಸಿಸ್ ಸಂಸ್ಥೆಯ ಪ್ರತಿನಿಧಿಗಳು ಒಡಂಬಡಿಕೆಗೆ ಸಹಿ ಹಾಕಿದರು.
ಈ ಒಡಂಬಡಿಕೆಯ ಮೂಲಕ ಪತ್ರಕರ್ತರು ಉಚಿತವಾಗಿ ಡಿಜಿಟಲ್ ಮಾಧ್ಯಮ, ಕೃತಕ ಬುದ್ಧಿಮತ್ತೆ, ಸೈಬರ್ ಸುರಕ್ಷತೆ ಹಾಗೂ ಇತರ ಕೌಶಲ್ಯಗಳ ತರಬೇತಿಯನ್ನು ಪಡೆಯಬಹುದಾಗಿದೆ. ಪತ್ರಕರ್ತರಿಗೆ ವೃತ್ತಿಪರ ಕೌಶಲ್ಯ ಬೆಳೆಸುವ ಉದ್ದೇಶ ಇದಾಗಿದ್ದು, ಇನ್ಫೋಸಿಸ್ ಸ್ಪ್ರಿಂಗ್‌ಬೋರ್ಡ್ ವೇದಿಕೆಯಲ್ಲಿ ಲಭ್ಯವಿರುವ ಕೋರ್ಸ್ ಗಳನ್ನು ಪತ್ರಕರ್ತರು ಬಳಸಿಕೊಳ್ಳಬಹುದು. ಒಟ್ಟು 150 ಪತ್ರಕರ್ತರಿಗೆ ಮೊದಲ ಹಂತದಲ್ಲಿ ತರಬೇತಿ ನೀಡಲಾಗುವುದು.
ಇನ್ಫೋಸಿಸ್ ಸಂಸ್ಥೆಯು ಪ್ಲಾಟ್‌ಫಾರ್ಮ್ ಮೂಲಕ ಪ್ರಾಯೋಗಿಕ ತರಬೇತಿ ಒದಗಿಸಲಿದೆ. ಕರ್ನಾಟಕ ಮಾಧ್ಯಮ ಅಕಾಡೆಮಿ ಪತ್ರಕರ್ತರ ಆಯ್ಕೆ ಪ್ರಕ್ರಿಯೆ ನಡೆಸಲಿದೆ. ಪತ್ರಕರ್ತರು ಸಾಮರ್ಥ್ಯ ವೃದ್ಧಿಸಿಕೊಂಡು ಉತ್ತಮ ಸುದ್ದಿ ನೀಡಲು ಇದು ಸಹಕಾರಿಯಾಗಲಿದೆ ಎಂದು ಅಕಾಡೆಮಿ ಅಧ್ಯಕ್ಷರು ತಿಳಿಸಿದರು.
ಅಲೆಮಾರಿ ಸಮುದಾಯದ ಪ್ರತಿನಿಧಿ ನಾಮ ನಿರ್ದೇಶನಕ್ಕೆ ಅರ್ಜಿ
ಬೆಂಗಳೂರು ಗ್ರಾಮಾಂತರ: ಮೇಡರ ಪ. ಜಾತಿಯ ಅಲೆಮಾರಿ ಅಭಿವೃದ್ಧಿ ನಿಗಮಕ್ಕೆ ಪ್ರತಿನಿಧಿಗಳನ್ನು ನಾಮ ನಿರ್ದೇಶನ ಮಾಡಲು ಅರ್ಹ ಅಭ್ಯರ್ಥಿಗಳಿಂದ ಅರ್ಜಿ ಆಹ್ವಾನಿಸಲಾಗಿದೆ. ಅರ್ಜಿಯನ್ನು ಸಮಾಜ ಕಲ್ಯಾಣ ಇಲಾಖೆಯ ಉಪನಿರ್ದೇಶಕರ ಕಚೇರಿ ಕೊಠಡಿ ಸಂ. 25 ರೊಳಗೆ ಸಲ್ಲಿಸಬೇಕು. ಹೆಚ್ಚಿನ ಮಾಹಿತಿಗಾಗಿ ಸಮಾಜ ಕಲ್ಯಾಣ ಇಲಾಖೆ ದೂ.ಸಂ:-080-29787448, ದೇವನಹಳ್ಳಿ ದೂ.ಸಂ:-080-27681784, ದೊಡ್ಡಬಳ್ಳಾಪುರ ದೂ.ಸಂ:-080-27623681, ನೆಲಮಂಗಲ ದೂ.ಸಂ:-080-27723172, ಹೊಸಕೋಟೆ ದೂ.ಸಂ:-080-27931528 ಸಂಪರ್ಕಿಸಬಹುದು.
ಆನೇಕಲ್ ಯೋಜನಾ ಪ್ರಾಧಿಕಾರ
'ಅಂತ್ರ' ನಂ. 436, ಮೊದಲ ಮಹಡಿ, ಮುಖ್ಯ ರಸ್ತೆ, ಚಂದಾಪುರ, ಆನೇಕಲ್, ಬೆಂಗಳೂರು-560099
www.anekal.tpa.gov.in, www.e-vinyasa.kar.nic.in
ಸಂಖ್ಯೆ: ಆಯೋಪ್ರಾ/ಬ.ಪ/40/2025-26	ದಿನಾಂಕ:09.09.2025
ಪ್ರಕಟಣೆ
ಕರ್ನಾಟಕ ನಗರ ಮತ್ತು ಗ್ರಾಮಾಂತರ ಯೋಜನಾ ಕಾಯ್ದೆ 1961 ರ ಕಲಂ 14(ಎ) ರನ್ವಯ ಭೂ ಉಪಯೋಗ ಬದಲಾವಣೆಗೆ ಅರ್ಜಿ ಸ್ವೀಕರಿಸಲಾಗಿದ್ದು, ಈ ಬಗ್ಗೆ ಸಾರ್ವಜನಿಕರಿಂದ ಆಕ್ಷೇಪಣೆಗಳನ್ನು ಆಹ್ವಾನಿಸಲಾಗಿದೆ. ಆಕ್ಷೇಪಣೆಗಳಿದ್ದಲ್ಲಿ ಪ್ರಕಟಣೆ ಹೊರಡಿಸಿದ 15 ದಿನಗಳೊಳಗಾಗಿ ಲಿಖಿತ ರೂಪದಲ್ಲಿ ಸಲ್ಲಿಸಬಹುದು.
ಕ್ರ.ಸಂ.	ಅರ್ಜಿದಾರರ ಹೆಸರು	ತಾಲ್ಲೂಕು	ಹೋಬಳಿ	ಗ್ರಾಮ	ಸ.ನಂ.	ವಿಸ್ತೀರ್ಣ ಎ-ಗುಂ	ಪ್ರಸ್ತುತ ಉಪಯೋಗ	ಪ್ರಸ್ತಾಪಿತ ಉಪಯೋಗ
1.	ಶ್ರೀ ವೆಂಕಟೇಶ್ ರೆಡ್ಡಿ	ಆನೇಕಲ್	ಸರ್ಜಾಪುರ	ಸೋಲ್ಲೆಪುರ	51	0-30	ಕೃಷಿ	ವಸತಿ
ಮೇಲ್ಕಂಡ ಜಮೀನಿನ ಭೂ ಉಪಯೋಗ ಬದಲಾವಣೆ ಕುರಿತು ಆಕ್ಷೇಪಣೆಗಳಿದ್ದಲ್ಲಿ ಸದಸ್ಯ ಕಾರ್ಯದರ್ಶಿ, ಆನೇಕಲ್ ಯೋಜನಾ ಪ್ರಾಧಿಕಾರ ಇವರಿಗೆ ಸಲ್ಲಿಸಬಹುದಾಗಿದೆ.
ಸಹಿ/-
ಸದಸ್ಯ ಕಾರ್ಯದರ್ಶಿ, ಆನೇಕಲ್ ಯೋಜನಾ ಪ್ರಾಧಿಕಾರ, ಆನೇಕಲ್
DIPR/CP/VCPL/2726/2025-26
